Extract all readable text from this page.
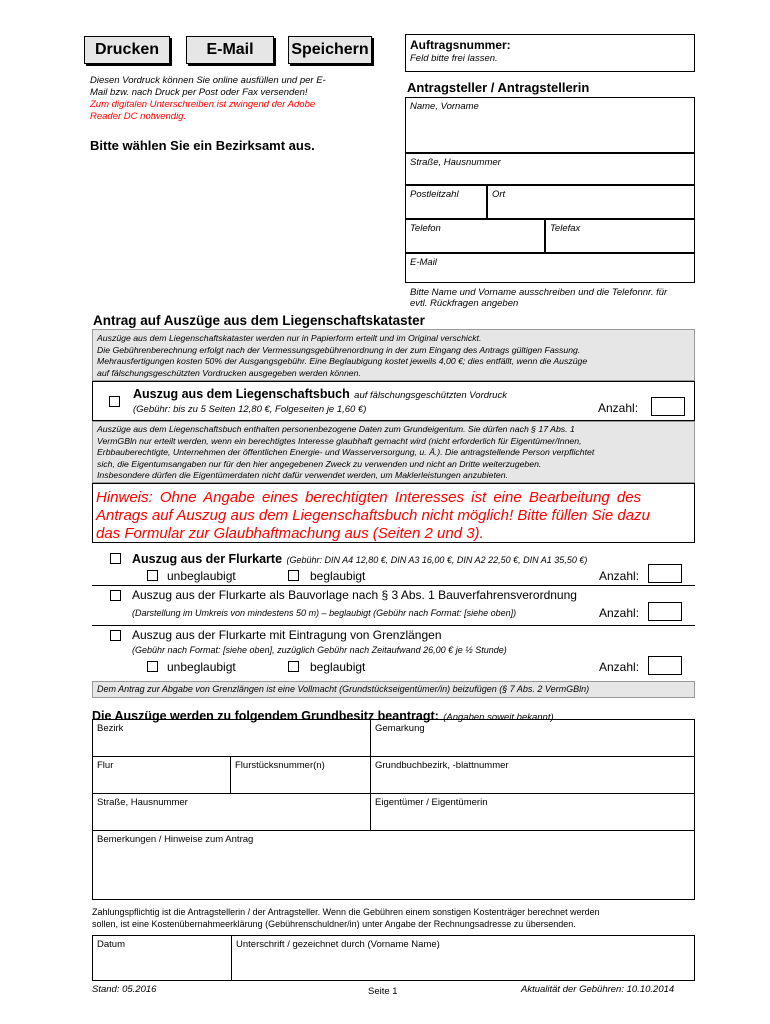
Drucken	E-Mail	Speichern
Diesen Vordruck können Sie online ausfüllen und per E-
Mail bzw. nach Druck per Post oder Fax versenden!
Zum digitalen Unterschreiben ist zwingend der Adobe
Reader DC notwendig.
Bitte wählen Sie ein Bezirksamt aus.
Auftragsnummer:
Feld bitte frei lassen.
Antragsteller / Antragstellerin
Name, Vorname
Straße, Hausnummer
Postleitzahl	Ort
Telefon	Telefax
E-Mail
Bitte Name und Vorname ausschreiben und die Telefonnr. für
evtl. Rückfragen angeben
Antrag auf Auszüge aus dem Liegenschaftskataster
Auszüge aus dem Liegenschaftskataster werden nur in Papierform erteilt und im Original verschickt.
Die Gebührenberechnung erfolgt nach der Vermessungsgebührenordnung in der zum Eingang des Antrags gültigen Fassung.
Mehrausfertigungen kosten 50% der Ausgangsgebühr. Eine Beglaubigung kostet jeweils 4,00 €; dies entfällt, wenn die Auszüge
auf fälschungsgeschützten Vordrucken ausgegeben werden können.
Auszug aus dem Liegenschaftsbuch auf fälschungsgeschützten Vordruck
(Gebühr: bis zu 5 Seiten 12,80 €, Folgeseiten je 1,60 €)	Anzahl:
Auszüge aus dem Liegenschaftsbuch enthalten personenbezogene Daten zum Grundeigentum. Sie dürfen nach § 17 Abs. 1
VermGBln nur erteilt werden, wenn ein berechtigtes Interesse glaubhaft gemacht wird (nicht erforderlich für Eigentümer/Innen,
Erbbauberechtigte, Unternehmen der öffentlichen Energie- und Wasserversorgung, u. Ä.). Die antragstellende Person verpflichtet
sich, die Eigentumsangaben nur für den hier angegebenen Zweck zu verwenden und nicht an Dritte weiterzugeben.
Insbesondere dürfen die Eigentümerdaten nicht dafür verwendet werden, um Maklerleistungen anzubieten.
Hinweis: Ohne Angabe eines berechtigten Interesses ist eine Bearbeitung des
Antrags auf Auszug aus dem Liegenschaftsbuch nicht möglich! Bitte füllen Sie dazu
das Formular zur Glaubhaftmachung aus (Seiten 2 und 3).
Auszug aus der Flurkarte (Gebühr: DIN A4 12,80 €, DIN A3 16,00 €, DIN A2 22,50 €, DIN A1 35,50 €)
unbeglaubigt	beglaubigt	Anzahl:
Auszug aus der Flurkarte als Bauvorlage nach § 3 Abs. 1 Bauverfahrensverordnung
(Darstellung im Umkreis von mindestens 50 m) – beglaubigt (Gebühr nach Format: [siehe oben])	Anzahl:
Auszug aus der Flurkarte mit Eintragung von Grenzlängen
(Gebühr nach Format: [siehe oben], zuzüglich Gebühr nach Zeitaufwand 26,00 € je ½ Stunde)
unbeglaubigt	beglaubigt	Anzahl:
Dem Antrag zur Abgabe von Grenzlängen ist eine Vollmacht (Grundstückseigentümer/in) beizufügen (§ 7 Abs. 2 VermGBln)
Die Auszüge werden zu folgendem Grundbesitz beantragt: (Angaben soweit bekannt)
Bezirk	Gemarkung
Flur	Flurstücksnummer(n)	Grundbuchbezirk, -blattnummer
Straße, Hausnummer	Eigentümer / Eigentümerin
Bemerkungen / Hinweise zum Antrag
Zahlungspflichtig ist die Antragstellerin / der Antragsteller. Wenn die Gebühren einem sonstigen Kostenträger berechnet werden
sollen, ist eine Kostenübernahmeerklärung (Gebührenschuldner/in) unter Angabe der Rechnungsadresse zu übersenden.
Datum	Unterschrift / gezeichnet durch (Vorname Name)
Stand: 05.2016	Seite 1	Aktualität der Gebühren: 10.10.2014
